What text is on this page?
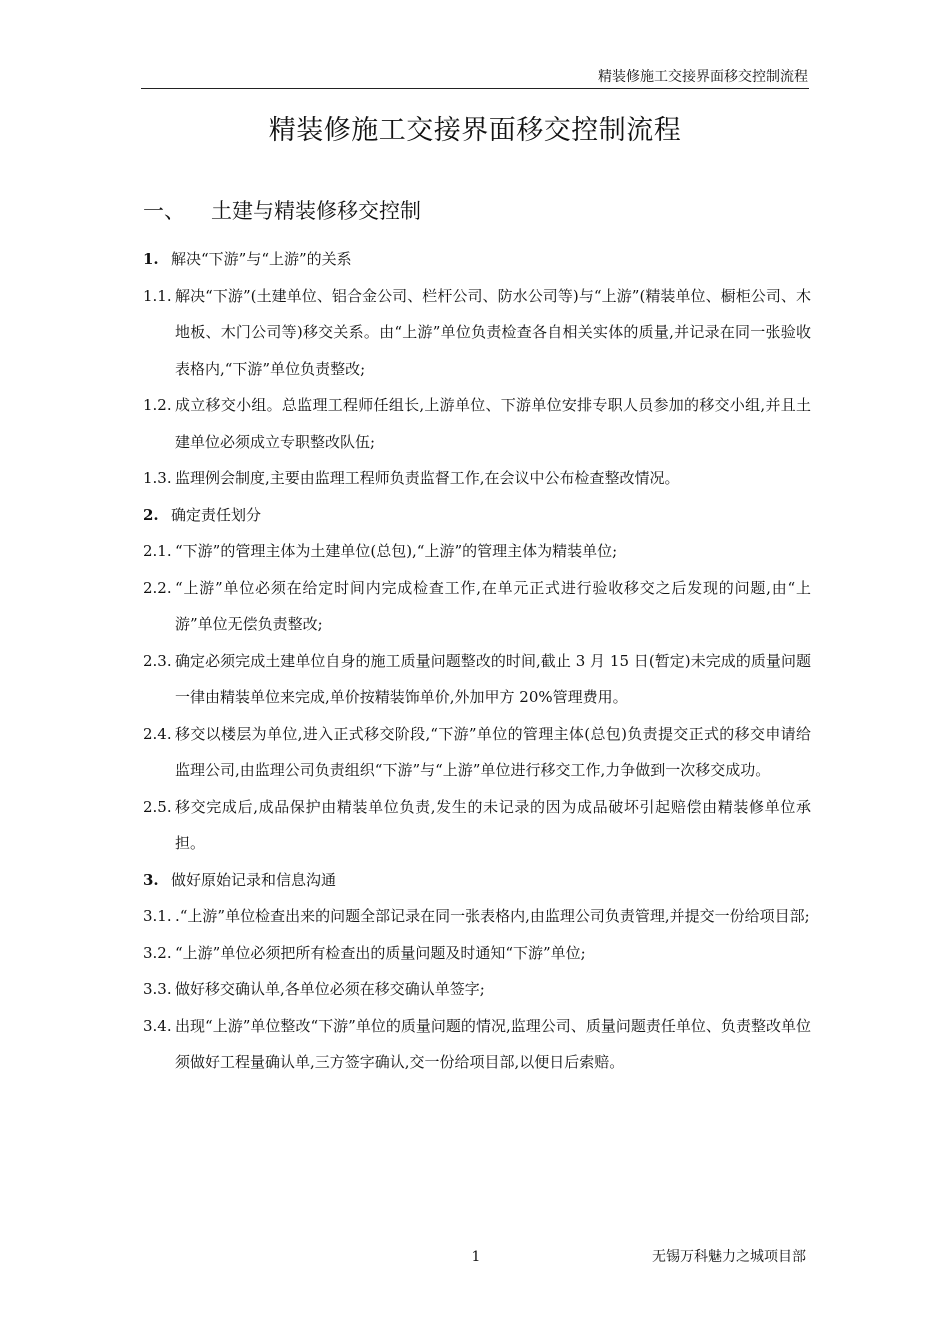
精装修施工交接界面移交控制流程
精装修施工交接界面移交控制流程
一、 土建与精装修移交控制
1. 解决“下游”与“上游”的关系
1.1. 解决“下游”(土建单位、铝合金公司、栏杆公司、防水公司等)与“上游”(精装单位、橱柜公司、木地板、木门公司等)移交关系。由“上游”单位负责检查各自相关实体的质量,并记录在同一张验收表格内,“下游”单位负责整改;
1.2. 成立移交小组。总监理工程师任组长,上游单位、下游单位安排专职人员参加的移交小组,并且土建单位必须成立专职整改队伍;
1.3. 监理例会制度,主要由监理工程师负责监督工作,在会议中公布检查整改情况。
2. 确定责任划分
2.1. “下游”的管理主体为土建单位(总包),“上游”的管理主体为精装单位;
2.2. “上游”单位必须在给定时间内完成检查工作,在单元正式进行验收移交之后发现的问题,由“上游”单位无偿负责整改;
2.3. 确定必须完成土建单位自身的施工质量问题整改的时间,截止 3 月 15 日(暂定)未完成的质量问题一律由精装单位来完成,单价按精装饰单价,外加甲方 20%管理费用。
2.4. 移交以楼层为单位,进入正式移交阶段,“下游”单位的管理主体(总包)负责提交正式的移交申请给监理公司,由监理公司负责组织“下游”与“上游”单位进行移交工作,力争做到一次移交成功。
2.5. 移交完成后,成品保护由精装单位负责,发生的未记录的因为成品破坏引起赔偿由精装修单位承担。
3. 做好原始记录和信息沟通
3.1. .“上游”单位检查出来的问题全部记录在同一张表格内,由监理公司负责管理,并提交一份给项目部;
3.2. “上游”单位必须把所有检查出的质量问题及时通知“下游”单位;
3.3. 做好移交确认单,各单位必须在移交确认单签字;
3.4. 出现“上游”单位整改“下游”单位的质量问题的情况,监理公司、质量问题责任单位、负责整改单位须做好工程量确认单,三方签字确认,交一份给项目部,以便日后索赔。
1	无锡万科魅力之城项目部
